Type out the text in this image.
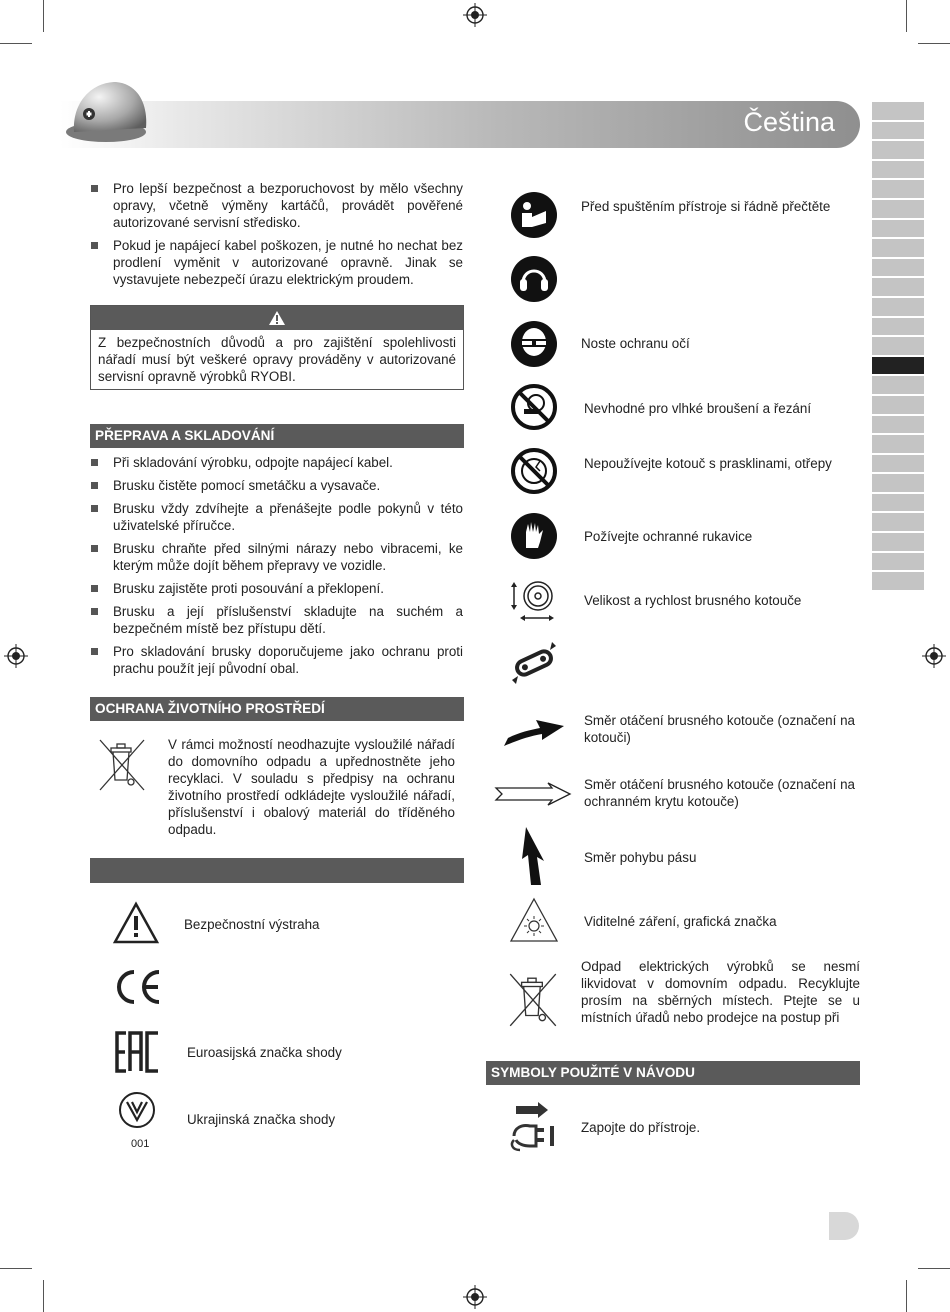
Čeština
Pro lepší bezpečnost a bezporuchovost by mělo všechny opravy, včetně výměny kartáčů, provádět pověřené autorizované servisní středisko.
Pokud je napájecí kabel poškozen, je nutné ho nechat bez prodlení vyměnit v autorizované opravně. Jinak se vystavujete nebezpečí úrazu elektrickým proudem.
Z bezpečnostních důvodů a pro zajištění spolehlivosti nářadí musí být veškeré opravy prováděny v autorizované servisní opravně výrobků RYOBI.
PŘEPRAVA A SKLADOVÁNÍ
Při skladování výrobku, odpojte napájecí kabel.
Brusku čistěte pomocí smetáčku a vysavače.
Brusku vždy zdvíhejte a přenášejte podle pokynů v této uživatelské příručce.
Brusku chraňte před silnými nárazy nebo vibracemi, ke kterým může dojít během přepravy ve vozidle.
Brusku zajistěte proti posouvání a překlopení.
Brusku a její příslušenství skladujte na suchém a bezpečném místě bez přístupu dětí.
Pro skladování brusky doporučujeme jako ochranu proti prachu použít její původní obal.
OCHRANA ŽIVOTNÍHO PROSTŘEDÍ
V rámci možností neodhazujte vysloužilé nářadí do domovního odpadu a upřednostněte jeho recyklaci. V souladu s předpisy na ochranu životního prostředí odkládejte vysloužilé nářadí, příslušenství i obalový materiál do tříděného odpadu.
Bezpečnostní výstraha
Euroasijská značka shody
001
Ukrajinská značka shody
Před spuštěním přístroje si řádně přečtěte
Noste ochranu očí
Nevhodné pro vlhké broušení a řezání
Nepoužívejte kotouč s prasklinami, otřepy
Požívejte ochranné rukavice
Velikost a rychlost brusného kotouče
Směr otáčení brusného kotouče (označení na kotouči)
Směr otáčení brusného kotouče (označení na ochranném krytu kotouče)
Směr pohybu pásu
Viditelné záření, grafická značka
Odpad elektrických výrobků se nesmí likvidovat v domovním odpadu. Recyklujte prosím na sběrných místech. Ptejte se u místních úřadů nebo prodejce na postup při
SYMBOLY POUŽITÉ V NÁVODU
Zapojte do přístroje.
